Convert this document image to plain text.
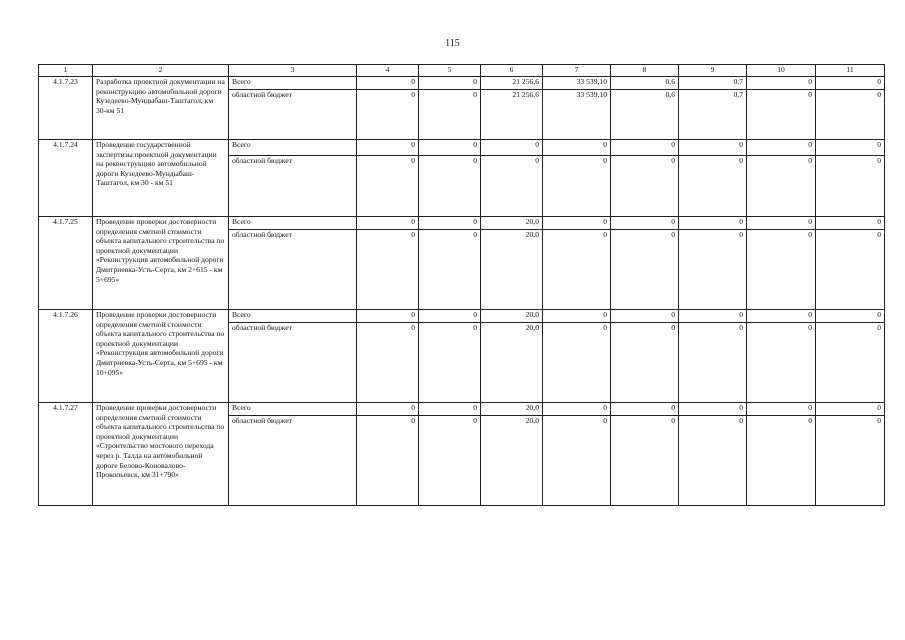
115
1	2	3	4	5	6	7	8	9	10	11
4.1.7.23	Разработка проектной документации на реконструкцию автомобильной дороги Кузедеево-Мундыбаш-Таштагол, км 30-км 51	Всего	0	0	21 256,6	33 539,10	0,6	0,7	0	0
		областной бюджет	0	0	21 256,6	33 539,10	0,6	0,7	0	0
4.1.7.24	Проведение государственной экспертизы проектной документации на реконструкцию автомобильной дороги Кузедеево-Мундыбаш-Таштагол, км 30 - км 51	Всего	0	0	0	0	0	0	0	0
		областной бюджет	0	0	0	0	0	0	0	0
4.1.7.25	Проведение проверки достоверности определения сметной стоимости объекта капитального строительства по проектной документации «Реконструкция автомобильной дороги Дмитриевка-Усть-Серта, км 2+615 - км 5+695»	Всего	0	0	20,0	0	0	0	0	0
		областной бюджет	0	0	20,0	0	0	0	0	0
4.1.7.26	Проведение проверки достоверности определения сметной стоимости объекта капитального строительства по проектной документации «Реконструкция автомобильной дороги Дмитриевка-Усть-Серта, км 5+695 - км 10+095»	Всего	0	0	20,0	0	0	0	0	0
		областной бюджет	0	0	20,0	0	0	0	0	0
4.1.7.27	Проведение проверки достоверности определения сметной стоимости объекта капитального строительства по проектной документации «Строительство мостового перехода через р. Талда на автомобильной дороге Белово-Коновалово-Прокопьевск, км 31+790»	Всего	0	0	20,0	0	0	0	0	0
		областной бюджет	0	0	20,0	0	0	0	0	0
